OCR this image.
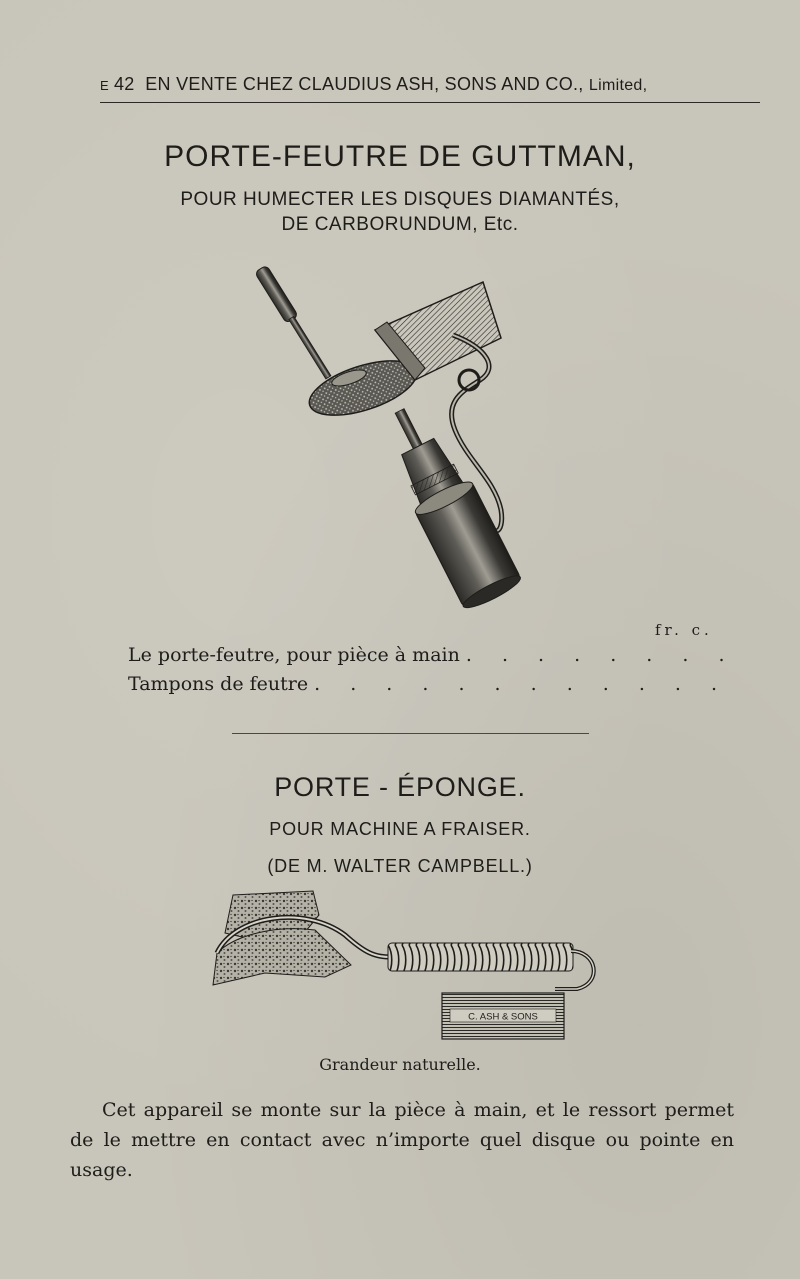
E 42 EN VENTE CHEZ CLAUDIUS ASH, SONS AND CO., Limited,
PORTE-FEUTRE DE GUTTMAN,
POUR HUMECTER LES DISQUES DIAMANTÉS,
DE CARBORUNDUM, Etc.
fr. c.
Le porte-feutre, pour pièce à main . . . . . . . .
Tampons de feutre . . . . . . . . . . . .
PORTE - ÉPONGE.
POUR MACHINE A FRAISER.
(DE M. WALTER CAMPBELL.)
C. ASH & SONS
Grandeur naturelle.
Cet appareil se monte sur la pièce à main, et le ressort permet de le mettre en contact avec n’importe quel disque ou pointe en usage.
